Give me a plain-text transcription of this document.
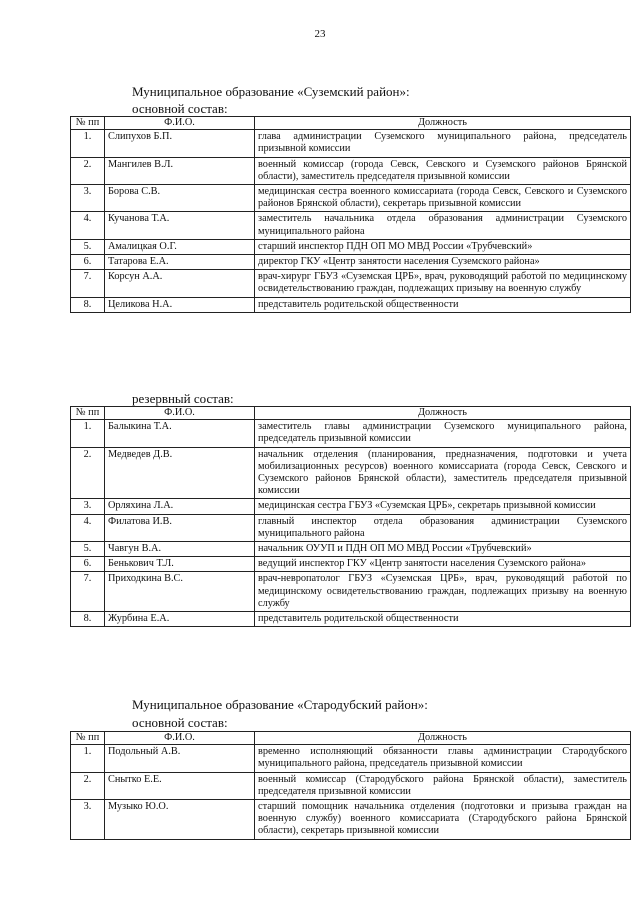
23
Муниципальное образование «Суземский район»:
основной состав:
№ пп	Ф.И.О.	Должность
1.	Слипухов Б.П.	глава администрации Суземского муниципального района, председатель призывной комиссии
2.	Мангилев В.Л.	военный комиссар (города Севск, Севского и Суземского районов Брянской области), заместитель председателя призывной комиссии
3.	Борова С.В.	медицинская сестра военного комиссариата (города Севск, Севского и Суземского районов Брянской области), секретарь призывной комиссии
4.	Кучанова Т.А.	заместитель начальника отдела образования администрации Суземского муниципального района
5.	Амалицкая О.Г.	старший инспектор ПДН ОП МО МВД России «Трубчевский»
6.	Татарова Е.А.	директор ГКУ «Центр занятости населения Суземского района»
7.	Корсун А.А.	врач-хирург ГБУЗ «Суземская ЦРБ», врач, руководящий работой по медицинскому освидетельствованию граждан, подлежащих призыву на военную службу
8.	Целикова Н.А.	представитель родительской общественности
резервный состав:
№ пп	Ф.И.О.	Должность
1.	Балыкина Т.А.	заместитель главы администрации Суземского муниципального района, председатель призывной комиссии
2.	Медведев Д.В.	начальник отделения (планирования, предназначения, подготовки и учета мобилизационных ресурсов) военного комиссариата (города Севск, Севского и Суземского районов Брянской области), заместитель председателя призывной комиссии
3.	Орляхина Л.А.	медицинская сестра ГБУЗ «Суземская ЦРБ», секретарь призывной комиссии
4.	Филатова И.В.	главный инспектор отдела образования администрации Суземского муниципального района
5.	Чавгун В.А.	начальник ОУУП и ПДН ОП МО МВД России «Трубчевский»
6.	Бенькович Т.Л.	ведущий инспектор ГКУ «Центр занятости населения Суземского района»
7.	Приходкина В.С.	врач-невропатолог ГБУЗ «Суземская ЦРБ», врач, руководящий работой по медицинскому освидетельствованию граждан, подлежащих призыву на военную службу
8.	Журбина Е.А.	представитель родительской общественности
Муниципальное образование «Стародубский район»:
основной состав:
№ пп	Ф.И.О.	Должность
1.	Подольный А.В.	временно исполняющий обязанности главы администрации Стародубского муниципального района, председатель призывной комиссии
2.	Снытко Е.Е.	военный комиссар (Стародубского района Брянской области), заместитель председателя призывной комиссии
3.	Музыко Ю.О.	старший помощник начальника отделения (подготовки и призыва граждан на военную службу) военного комиссариата (Стародубского района Брянской области), секретарь призывной комиссии
